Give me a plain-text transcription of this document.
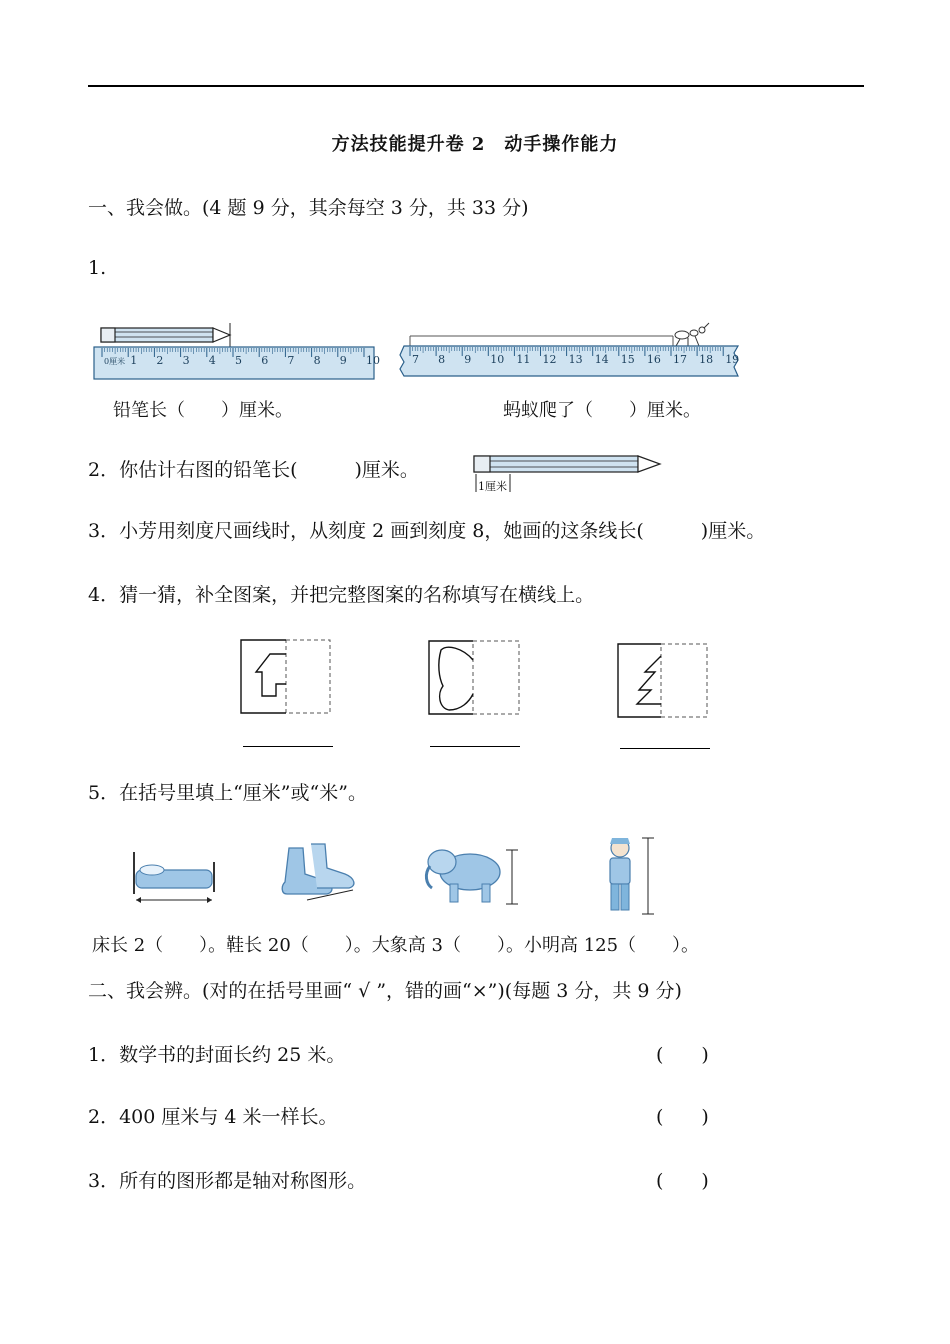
方法技能提升卷 2　动手操作能力
一、我会做。(4 题 9 分，其余每空 3 分，共 33 分)
1.
0厘米 1 2 3 4 5 6 7 8 9 10	7 8 9 10 11 12 13 14 15 16 17 18 19
铅笔长（　　）厘米。	蚂蚁爬了（　　）厘米。
2．你估计右图的铅笔长(　　　)厘米。
1厘米
3．小芳用刻度尺画线时，从刻度 2 画到刻度 8，她画的这条线长(　　　)厘米。
4．猜一猜，补全图案，并把完整图案的名称填写在横线上。
5．在括号里填上“厘米”或“米”。
床长 2（　　）。鞋长 20（　　）。大象高 3（　　）。小明高 125（　　）。
二、我会辨。(对的在括号里画“ √ ”，错的画“×”)(每题 3 分，共 9 分)
1．数学书的封面长约 25 米。	(　　)
2．400 厘米与 4 米一样长。	(　　)
3．所有的图形都是轴对称图形。	(　　)
